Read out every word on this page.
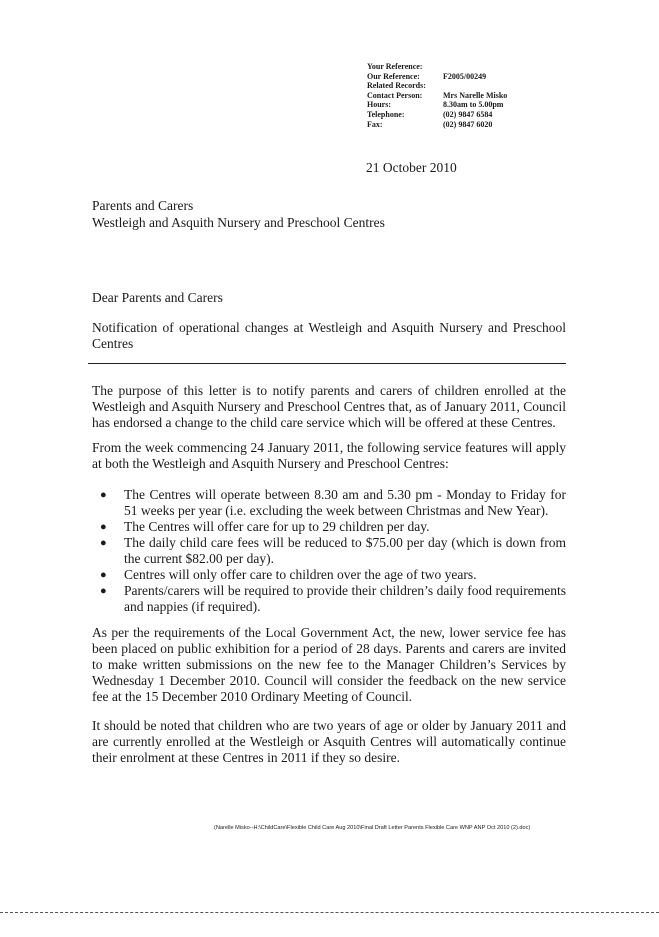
Your Reference:
Our Reference:	F2005/00249
Related Records:
Contact Person:	Mrs Narelle Misko
Hours:	8.30am to 5.00pm
Telephone:	(02) 9847 6584
Fax:	(02) 9847 6020
21 October 2010
Parents and Carers
Westleigh and Asquith Nursery and Preschool Centres
Dear Parents and Carers
Notification of operational changes at Westleigh and Asquith Nursery and Preschool Centres
The purpose of this letter is to notify parents and carers of children enrolled at the Westleigh and Asquith Nursery and Preschool Centres that, as of January 2011, Council has endorsed a change to the child care service which will be offered at these Centres.
From the week commencing 24 January 2011, the following service features will apply at both the Westleigh and Asquith Nursery and Preschool Centres:
●	The Centres will operate between 8.30 am and 5.30 pm - Monday to Friday for 51 weeks per year (i.e. excluding the week between Christmas and New Year).
●	The Centres will offer care for up to 29 children per day.
●	The daily child care fees will be reduced to $75.00 per day (which is down from the current $82.00 per day).
●	Centres will only offer care to children over the age of two years.
●	Parents/carers will be required to provide their children’s daily food requirements and nappies (if required).
As per the requirements of the Local Government Act, the new, lower service fee has been placed on public exhibition for a period of 28 days. Parents and carers are invited to make written submissions on the new fee to the Manager Children’s Services by Wednesday 1 December 2010. Council will consider the feedback on the new service fee at the 15 December 2010 Ordinary Meeting of Council.
It should be noted that children who are two years of age or older by January 2011 and are currently enrolled at the Westleigh or Asquith Centres will automatically continue their enrolment at these Centres in 2011 if they so desire.
(Narelle Misko--H:\ChildCare\Flexible Child Care Aug 2010\Final Draft Letter Parents Flexible Care WNP ANP Oct 2010 (2).doc)
